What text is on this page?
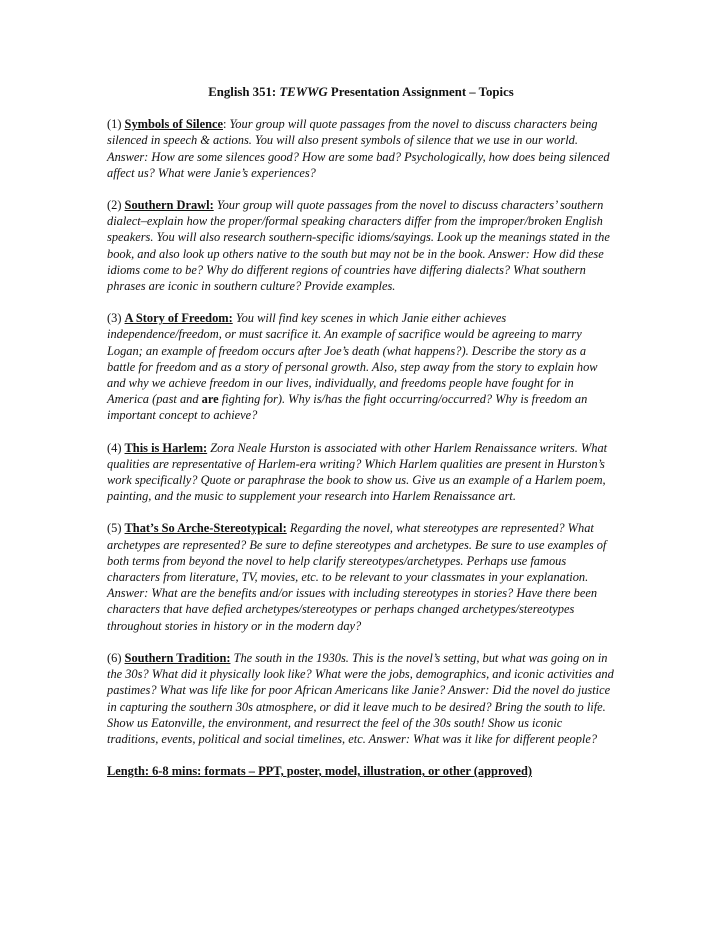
English 351: TEWWG Presentation Assignment – Topics
(1) Symbols of Silence: Your group will quote passages from the novel to discuss characters being silenced in speech & actions. You will also present symbols of silence that we use in our world. Answer: How are some silences good? How are some bad? Psychologically, how does being silenced affect us? What were Janie’s experiences?
(2) Southern Drawl: Your group will quote passages from the novel to discuss characters’ southern dialect–explain how the proper/formal speaking characters differ from the improper/broken English speakers. You will also research southern-specific idioms/sayings. Look up the meanings stated in the book, and also look up others native to the south but may not be in the book. Answer: How did these idioms come to be? Why do different regions of countries have differing dialects? What southern phrases are iconic in southern culture? Provide examples.
(3) A Story of Freedom: You will find key scenes in which Janie either achieves independence/freedom, or must sacrifice it. An example of sacrifice would be agreeing to marry Logan; an example of freedom occurs after Joe’s death (what happens?). Describe the story as a battle for freedom and as a story of personal growth. Also, step away from the story to explain how and why we achieve freedom in our lives, individually, and freedoms people have fought for in America (past and are fighting for). Why is/has the fight occurring/occurred? Why is freedom an important concept to achieve?
(4) This is Harlem: Zora Neale Hurston is associated with other Harlem Renaissance writers. What qualities are representative of Harlem-era writing? Which Harlem qualities are present in Hurston’s work specifically? Quote or paraphrase the book to show us. Give us an example of a Harlem poem, painting, and the music to supplement your research into Harlem Renaissance art.
(5) That’s So Arche-Stereotypical: Regarding the novel, what stereotypes are represented? What archetypes are represented? Be sure to define stereotypes and archetypes. Be sure to use examples of both terms from beyond the novel to help clarify stereotypes/archetypes. Perhaps use famous characters from literature, TV, movies, etc. to be relevant to your classmates in your explanation. Answer: What are the benefits and/or issues with including stereotypes in stories? Have there been characters that have defied archetypes/stereotypes or perhaps changed archetypes/stereotypes throughout stories in history or in the modern day?
(6) Southern Tradition: The south in the 1930s. This is the novel’s setting, but what was going on in the 30s? What did it physically look like? What were the jobs, demographics, and iconic activities and pastimes? What was life like for poor African Americans like Janie? Answer: Did the novel do justice in capturing the southern 30s atmosphere, or did it leave much to be desired? Bring the south to life. Show us Eatonville, the environment, and resurrect the feel of the 30s south! Show us iconic traditions, events, political and social timelines, etc. Answer: What was it like for different people?
Length: 6-8 mins: formats – PPT, poster, model, illustration, or other (approved)
